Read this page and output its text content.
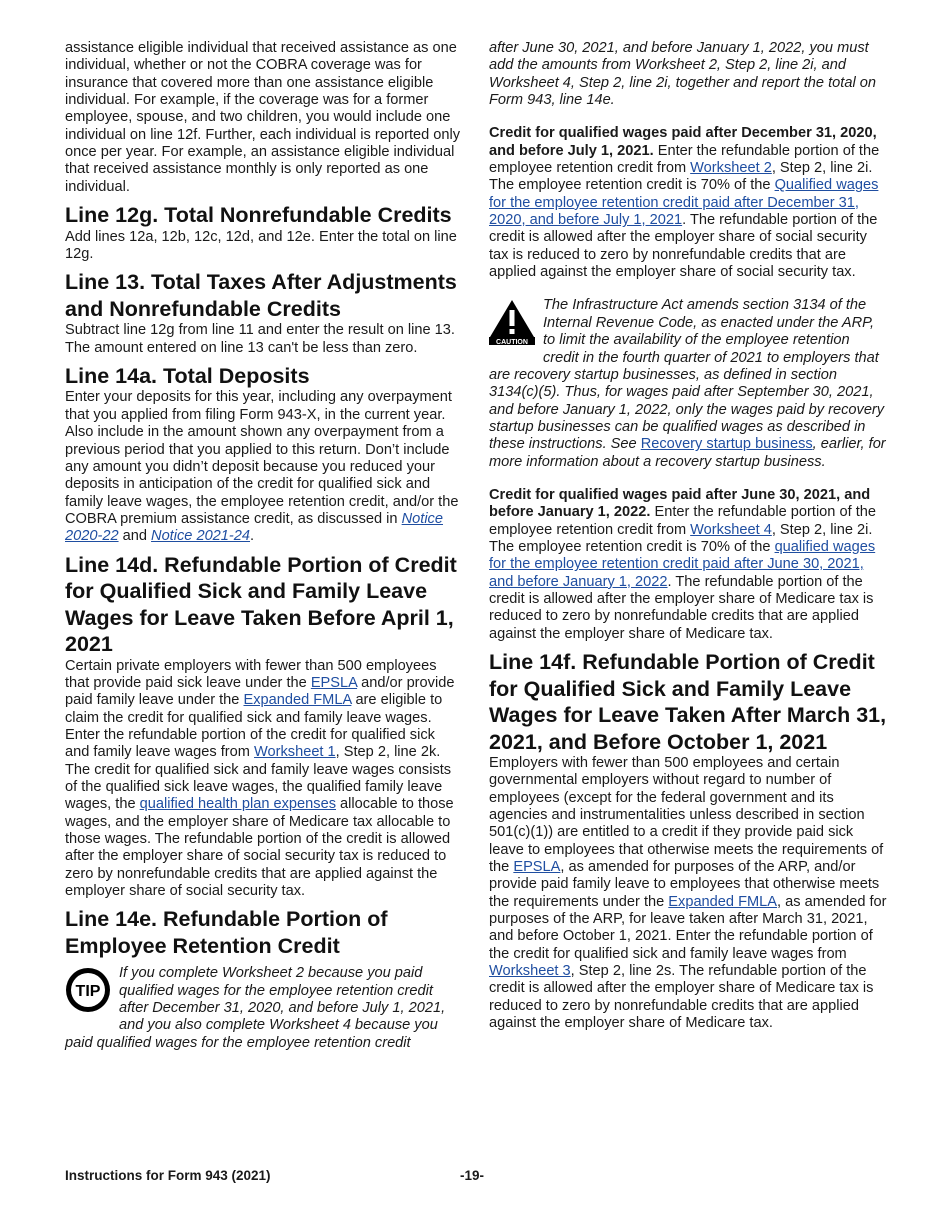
assistance eligible individual that received assistance as one individual, whether or not the COBRA coverage was for insurance that covered more than one assistance eligible individual. For example, if the coverage was for a former employee, spouse, and two children, you would include one individual on line 12f. Further, each individual is reported only once per year. For example, an assistance eligible individual that received assistance monthly is only reported as one individual.

Line 12g. Total Nonrefundable Credits

Add lines 12a, 12b, 12c, 12d, and 12e. Enter the total on line 12g.

Line 13. Total Taxes After Adjustments and Nonrefundable Credits

Subtract line 12g from line 11 and enter the result on line 13. The amount entered on line 13 can't be less than zero.

Line 14a. Total Deposits

Enter your deposits for this year, including any overpayment that you applied from filing Form 943-X, in the current year. Also include in the amount shown any overpayment from a previous period that you applied to this return. Don’t include any amount you didn’t deposit because you reduced your deposits in anticipation of the credit for qualified sick and family leave wages, the employee retention credit, and/or the COBRA premium assistance credit, as discussed in Notice 2020-22 and Notice 2021-24.

Line 14d. Refundable Portion of Credit for Qualified Sick and Family Leave Wages for Leave Taken Before April 1, 2021

Certain private employers with fewer than 500 employees that provide paid sick leave under the EPSLA and/or provide paid family leave under the Expanded FMLA are eligible to claim the credit for qualified sick and family leave wages. Enter the refundable portion of the credit for qualified sick and family leave wages from Worksheet 1, Step 2, line 2k. The credit for qualified sick and family leave wages consists of the qualified sick leave wages, the qualified family leave wages, the qualified health plan expenses allocable to those wages, and the employer share of Medicare tax allocable to those wages. The refundable portion of the credit is allowed after the employer share of social security tax is reduced to zero by nonrefundable credits that are applied against the employer share of social security tax.

Line 14e. Refundable Portion of Employee Retention Credit
TIP

If you complete Worksheet 2 because you paid qualified wages for the employee retention credit after December 31, 2020, and before July 1, 2021, and you also complete Worksheet 4 because you paid qualified wages for the employee retention credit

after June 30, 2021, and before January 1, 2022, you must add the amounts from Worksheet 2, Step 2, line 2i, and Worksheet 4, Step 2, line 2i, together and report the total on Form 943, line 14e.

Credit for qualified wages paid after December 31, 2020, and before July 1, 2021. Enter the refundable portion of the employee retention credit from Worksheet 2, Step 2, line 2i. The employee retention credit is 70% of the Qualified wages for the employee retention credit paid after December 31, 2020, and before July 1, 2021. The refundable portion of the credit is allowed after the employer share of social security tax is reduced to zero by nonrefundable credits that are applied against the employer share of social security tax.

CAUTION

The Infrastructure Act amends section 3134 of the Internal Revenue Code, as enacted under the ARP, to limit the availability of the employee retention credit in the fourth quarter of 2021 to employers that are recovery startup businesses, as defined in section 3134(c)(5). Thus, for wages paid after September 30, 2021, and before January 1, 2022, only the wages paid by recovery startup businesses can be qualified wages as described in these instructions. See Recovery startup business, earlier, for more information about a recovery startup business.

Credit for qualified wages paid after June 30, 2021, and before January 1, 2022. Enter the refundable portion of the employee retention credit from Worksheet 4, Step 2, line 2i. The employee retention credit is 70% of the qualified wages for the employee retention credit paid after June 30, 2021, and before January 1, 2022. The refundable portion of the credit is allowed after the employer share of Medicare tax is reduced to zero by nonrefundable credits that are applied against the employer share of Medicare tax.

Line 14f. Refundable Portion of Credit for Qualified Sick and Family Leave Wages for Leave Taken After March 31, 2021, and Before October 1, 2021

Employers with fewer than 500 employees and certain governmental employers without regard to number of employees (except for the federal government and its agencies and instrumentalities unless described in section 501(c)(1)) are entitled to a credit if they provide paid sick leave to employees that otherwise meets the requirements of the EPSLA, as amended for purposes of the ARP, and/or provide paid family leave to employees that otherwise meets the requirements under the Expanded FMLA, as amended for purposes of the ARP, for leave taken after March 31, 2021, and before October 1, 2021. Enter the refundable portion of the credit for qualified sick and family leave wages from Worksheet 3, Step 2, line 2s. The refundable portion of the credit is allowed after the employer share of Medicare tax is reduced to zero by nonrefundable credits that are applied against the employer share of Medicare tax.

Instructions for Form 943 (2021)	-19-
